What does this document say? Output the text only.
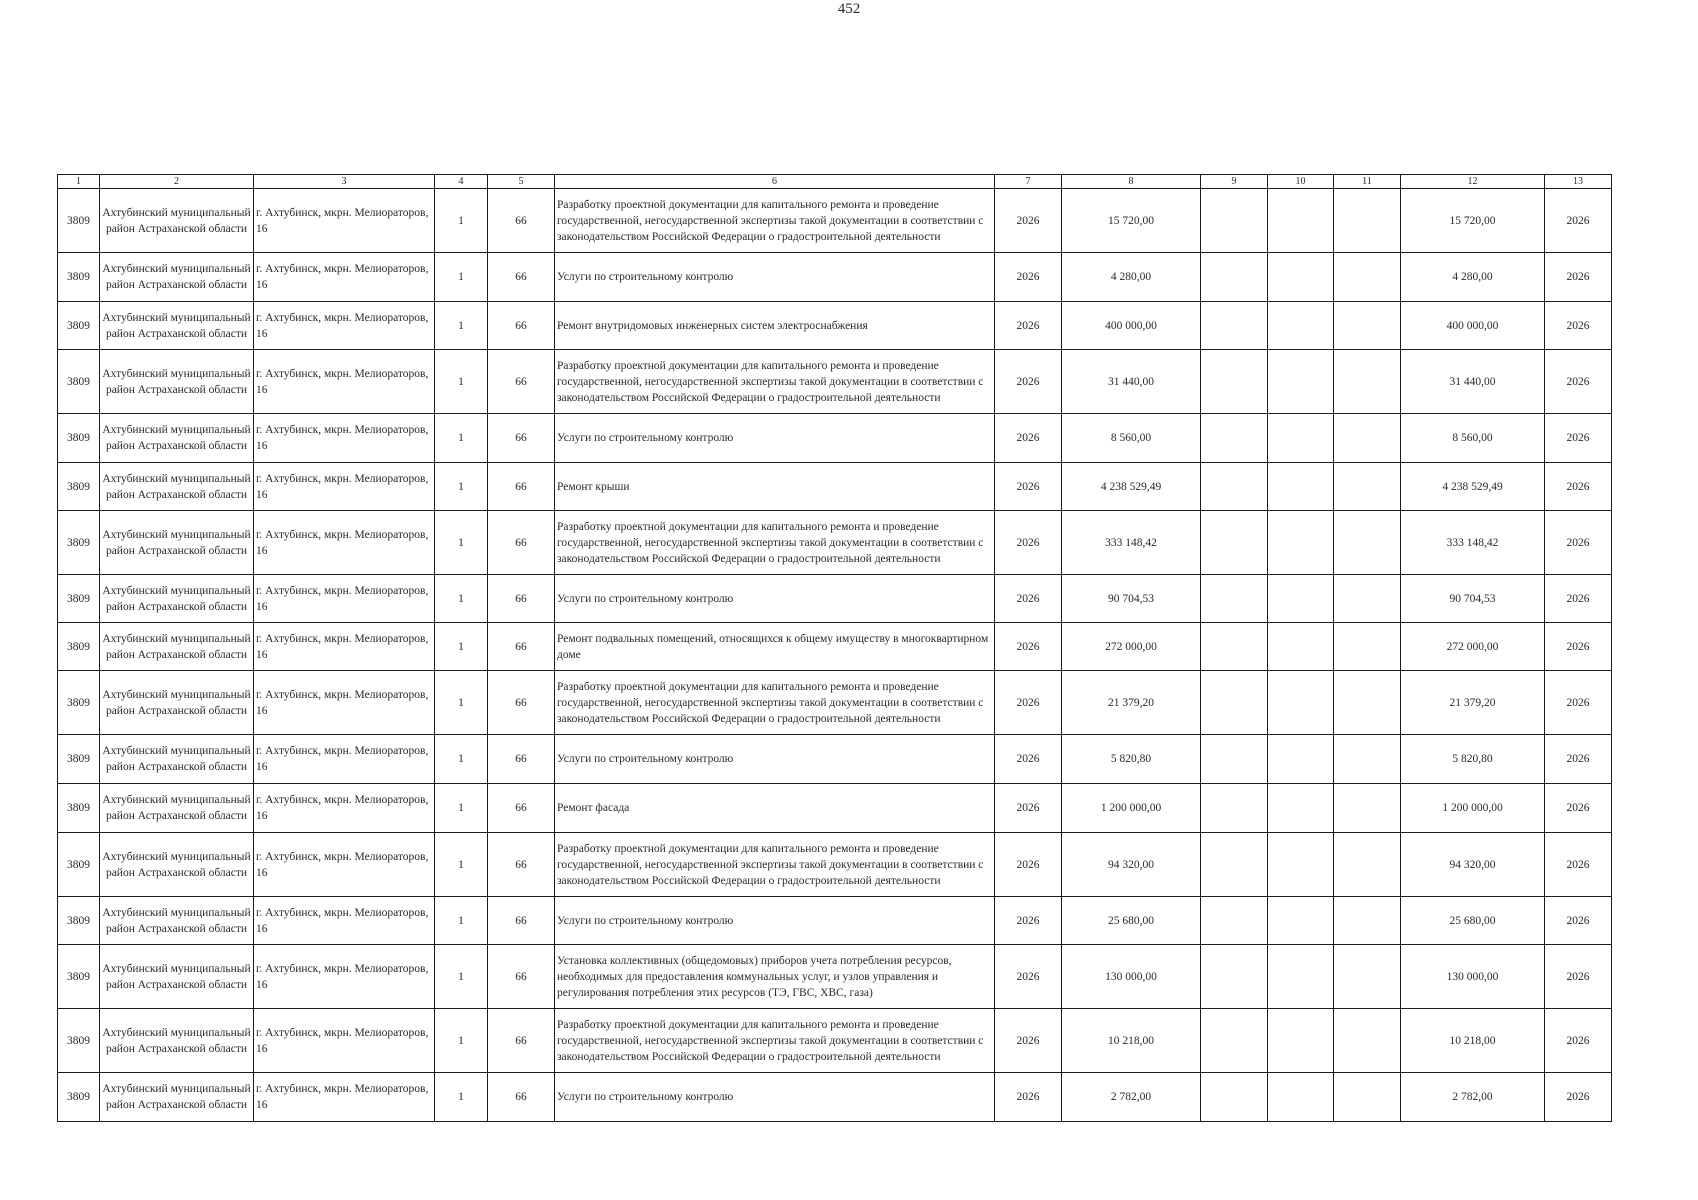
452
1	2	3	4	5	6	7	8	9	10	11	12	13
3809	Ахтубинский муниципальный район Астраханской области	г. Ахтубинск, мкрн. Мелиораторов, 16	1	66	Разработку проектной документации для капитального ремонта и проведение государственной, негосударственной экспертизы такой документации в соответствии с законодательством Российской Федерации о градостроительной деятельности	2026	15 720,00				15 720,00	2026
3809	Ахтубинский муниципальный район Астраханской области	г. Ахтубинск, мкрн. Мелиораторов, 16	1	66	Услуги по строительному контролю	2026	4 280,00				4 280,00	2026
3809	Ахтубинский муниципальный район Астраханской области	г. Ахтубинск, мкрн. Мелиораторов, 16	1	66	Ремонт внутридомовых инженерных систем электроснабжения	2026	400 000,00				400 000,00	2026
3809	Ахтубинский муниципальный район Астраханской области	г. Ахтубинск, мкрн. Мелиораторов, 16	1	66	Разработку проектной документации для капитального ремонта и проведение государственной, негосударственной экспертизы такой документации в соответствии с законодательством Российской Федерации о градостроительной деятельности	2026	31 440,00				31 440,00	2026
3809	Ахтубинский муниципальный район Астраханской области	г. Ахтубинск, мкрн. Мелиораторов, 16	1	66	Услуги по строительному контролю	2026	8 560,00				8 560,00	2026
3809	Ахтубинский муниципальный район Астраханской области	г. Ахтубинск, мкрн. Мелиораторов, 16	1	66	Ремонт крыши	2026	4 238 529,49				4 238 529,49	2026
3809	Ахтубинский муниципальный район Астраханской области	г. Ахтубинск, мкрн. Мелиораторов, 16	1	66	Разработку проектной документации для капитального ремонта и проведение государственной, негосударственной экспертизы такой документации в соответствии с законодательством Российской Федерации о градостроительной деятельности	2026	333 148,42				333 148,42	2026
3809	Ахтубинский муниципальный район Астраханской области	г. Ахтубинск, мкрн. Мелиораторов, 16	1	66	Услуги по строительному контролю	2026	90 704,53				90 704,53	2026
3809	Ахтубинский муниципальный район Астраханской области	г. Ахтубинск, мкрн. Мелиораторов, 16	1	66	Ремонт подвальных помещений, относящихся к общему имуществу в многоквартирном доме	2026	272 000,00				272 000,00	2026
3809	Ахтубинский муниципальный район Астраханской области	г. Ахтубинск, мкрн. Мелиораторов, 16	1	66	Разработку проектной документации для капитального ремонта и проведение государственной, негосударственной экспертизы такой документации в соответствии с законодательством Российской Федерации о градостроительной деятельности	2026	21 379,20				21 379,20	2026
3809	Ахтубинский муниципальный район Астраханской области	г. Ахтубинск, мкрн. Мелиораторов, 16	1	66	Услуги по строительному контролю	2026	5 820,80				5 820,80	2026
3809	Ахтубинский муниципальный район Астраханской области	г. Ахтубинск, мкрн. Мелиораторов, 16	1	66	Ремонт фасада	2026	1 200 000,00				1 200 000,00	2026
3809	Ахтубинский муниципальный район Астраханской области	г. Ахтубинск, мкрн. Мелиораторов, 16	1	66	Разработку проектной документации для капитального ремонта и проведение государственной, негосударственной экспертизы такой документации в соответствии с законодательством Российской Федерации о градостроительной деятельности	2026	94 320,00				94 320,00	2026
3809	Ахтубинский муниципальный район Астраханской области	г. Ахтубинск, мкрн. Мелиораторов, 16	1	66	Услуги по строительному контролю	2026	25 680,00				25 680,00	2026
3809	Ахтубинский муниципальный район Астраханской области	г. Ахтубинск, мкрн. Мелиораторов, 16	1	66	Установка коллективных (общедомовых) приборов учета потребления ресурсов, необходимых для предоставления коммунальных услуг, и узлов управления и регулирования потребления этих ресурсов (ТЭ, ГВС, ХВС, газа)	2026	130 000,00				130 000,00	2026
3809	Ахтубинский муниципальный район Астраханской области	г. Ахтубинск, мкрн. Мелиораторов, 16	1	66	Разработку проектной документации для капитального ремонта и проведение государственной, негосударственной экспертизы такой документации в соответствии с законодательством Российской Федерации о градостроительной деятельности	2026	10 218,00				10 218,00	2026
3809	Ахтубинский муниципальный район Астраханской области	г. Ахтубинск, мкрн. Мелиораторов, 16	1	66	Услуги по строительному контролю	2026	2 782,00				2 782,00	2026
